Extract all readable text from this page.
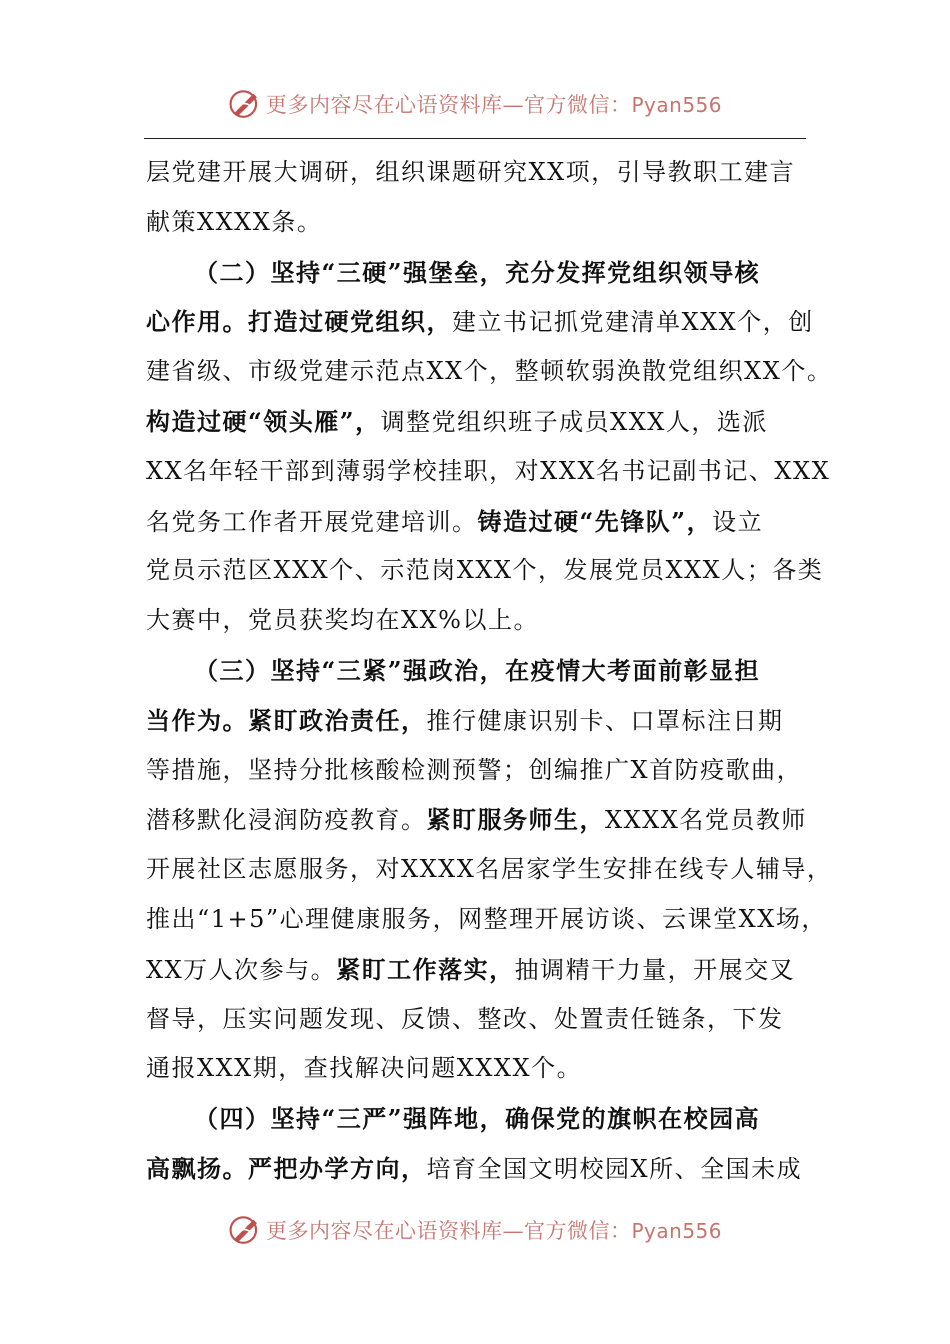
更多内容尽在心语资料库—官方微信：Pyan556
层党建开展大调研，组织课题研究XX项，引导教职工建言
献策XXXX条。
（二）坚持“三硬”强堡垒，充分发挥党组织领导核
心作用。打造过硬党组织，建立书记抓党建清单XXX个，创
建省级、市级党建示范点XX个，整顿软弱涣散党组织XX个。
构造过硬“领头雁”，调整党组织班子成员XXX人，选派
XX名年轻干部到薄弱学校挂职，对XXX名书记副书记、XXX
名党务工作者开展党建培训。铸造过硬“先锋队”，设立
党员示范区XXX个、示范岗XXX个，发展党员XXX人；各类
大赛中，党员获奖均在XX%以上。
（三）坚持“三紧”强政治，在疫情大考面前彰显担
当作为。紧盯政治责任，推行健康识别卡、口罩标注日期
等措施，坚持分批核酸检测预警；创编推广X首防疫歌曲，
潜移默化浸润防疫教育。紧盯服务师生，XXXX名党员教师
开展社区志愿服务，对XXXX名居家学生安排在线专人辅导，
推出“1+5”心理健康服务，网整理开展访谈、云课堂XX场，
XX万人次参与。紧盯工作落实，抽调精干力量，开展交叉
督导，压实问题发现、反馈、整改、处置责任链条，下发
通报XXX期，查找解决问题XXXX个。
（四）坚持“三严”强阵地，确保党的旗帜在校园高
高飘扬。严把办学方向，培育全国文明校园X所、全国未成
更多内容尽在心语资料库—官方微信：Pyan556
